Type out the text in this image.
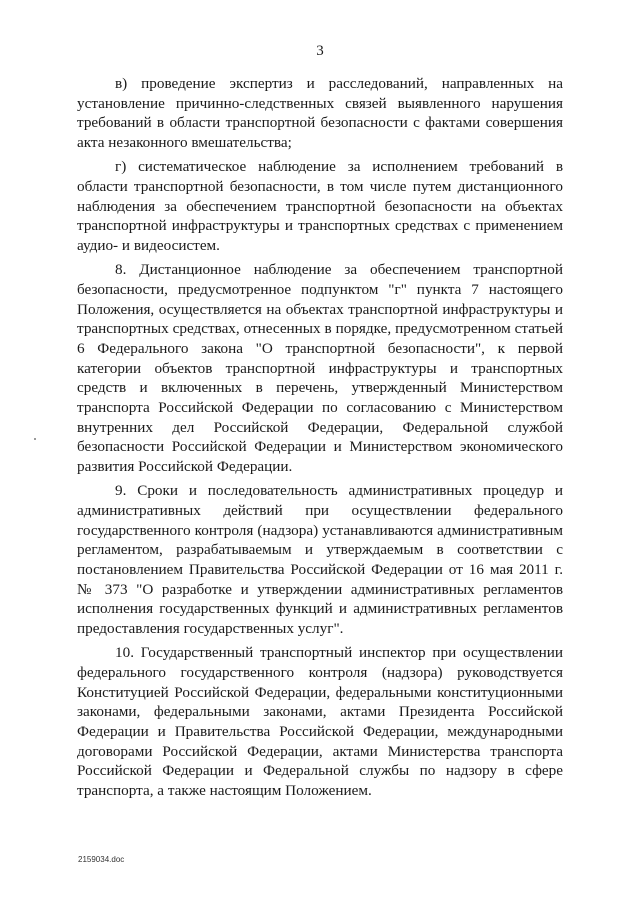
3

в) проведение экспертиз и расследований, направленных на установление причинно-следственных связей выявленного нарушения требований в области транспортной безопасности с фактами совершения акта незаконного вмешательства;

г) систематическое наблюдение за исполнением требований в области транспортной безопасности, в том числе путем дистанционного наблюдения за обеспечением транспортной безопасности на объектах транспортной инфраструктуры и транспортных средствах с применением аудио- и видеосистем.

8. Дистанционное наблюдение за обеспечением транспортной безопасности, предусмотренное подпунктом "г" пункта 7 настоящего Положения, осуществляется на объектах транспортной инфраструктуры и транспортных средствах, отнесенных в порядке, предусмотренном статьей 6 Федерального закона "О транспортной безопасности", к первой категории объектов транспортной инфраструктуры и транспортных средств и включенных в перечень, утвержденный Министерством транспорта Российской Федерации по согласованию с Министерством внутренних дел Российской Федерации, Федеральной службой безопасности Российской Федерации и Министерством экономического развития Российской Федерации.

9. Сроки и последовательность административных процедур и административных действий при осуществлении федерального государственного контроля (надзора) устанавливаются административным регламентом, разрабатываемым и утверждаемым в соответствии с постановлением Правительства Российской Федерации от 16 мая 2011 г. № 373 "О разработке и утверждении административных регламентов исполнения государственных функций и административных регламентов предоставления государственных услуг".

10. Государственный транспортный инспектор при осуществлении федерального государственного контроля (надзора) руководствуется Конституцией Российской Федерации, федеральными конституционными законами, федеральными законами, актами Президента Российской Федерации и Правительства Российской Федерации, международными договорами Российской Федерации, актами Министерства транспорта Российской Федерации и Федеральной службы по надзору в сфере транспорта, а также настоящим Положением.

2159034.doc
